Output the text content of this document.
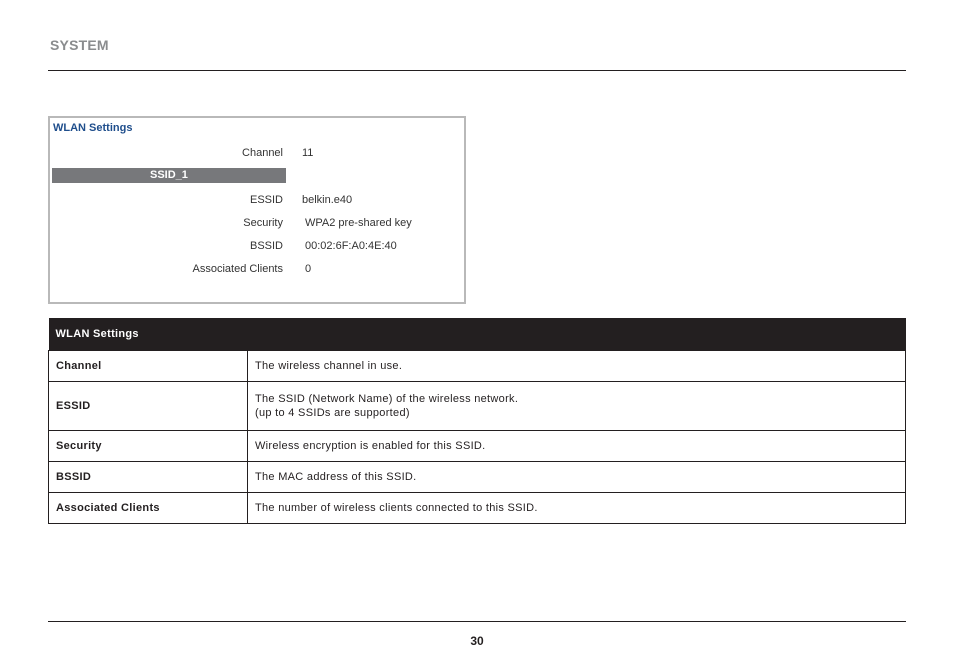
SYSTEM
WLAN Settings
Channel 11
SSID_1
ESSID belkin.e40
Security WPA2 pre-shared key
BSSID 00:02:6F:A0:4E:40
Associated Clients 0
WLAN Settings	
Channel	The wireless channel in use.

ESSID	The SSID (Network Name) of the wireless network.
(up to 4 SSIDs are supported)

Security	Wireless encryption is enabled for this SSID.

BSSID	The MAC address of this SSID.

Associated Clients	The number of wireless clients connected to this SSID.
30
